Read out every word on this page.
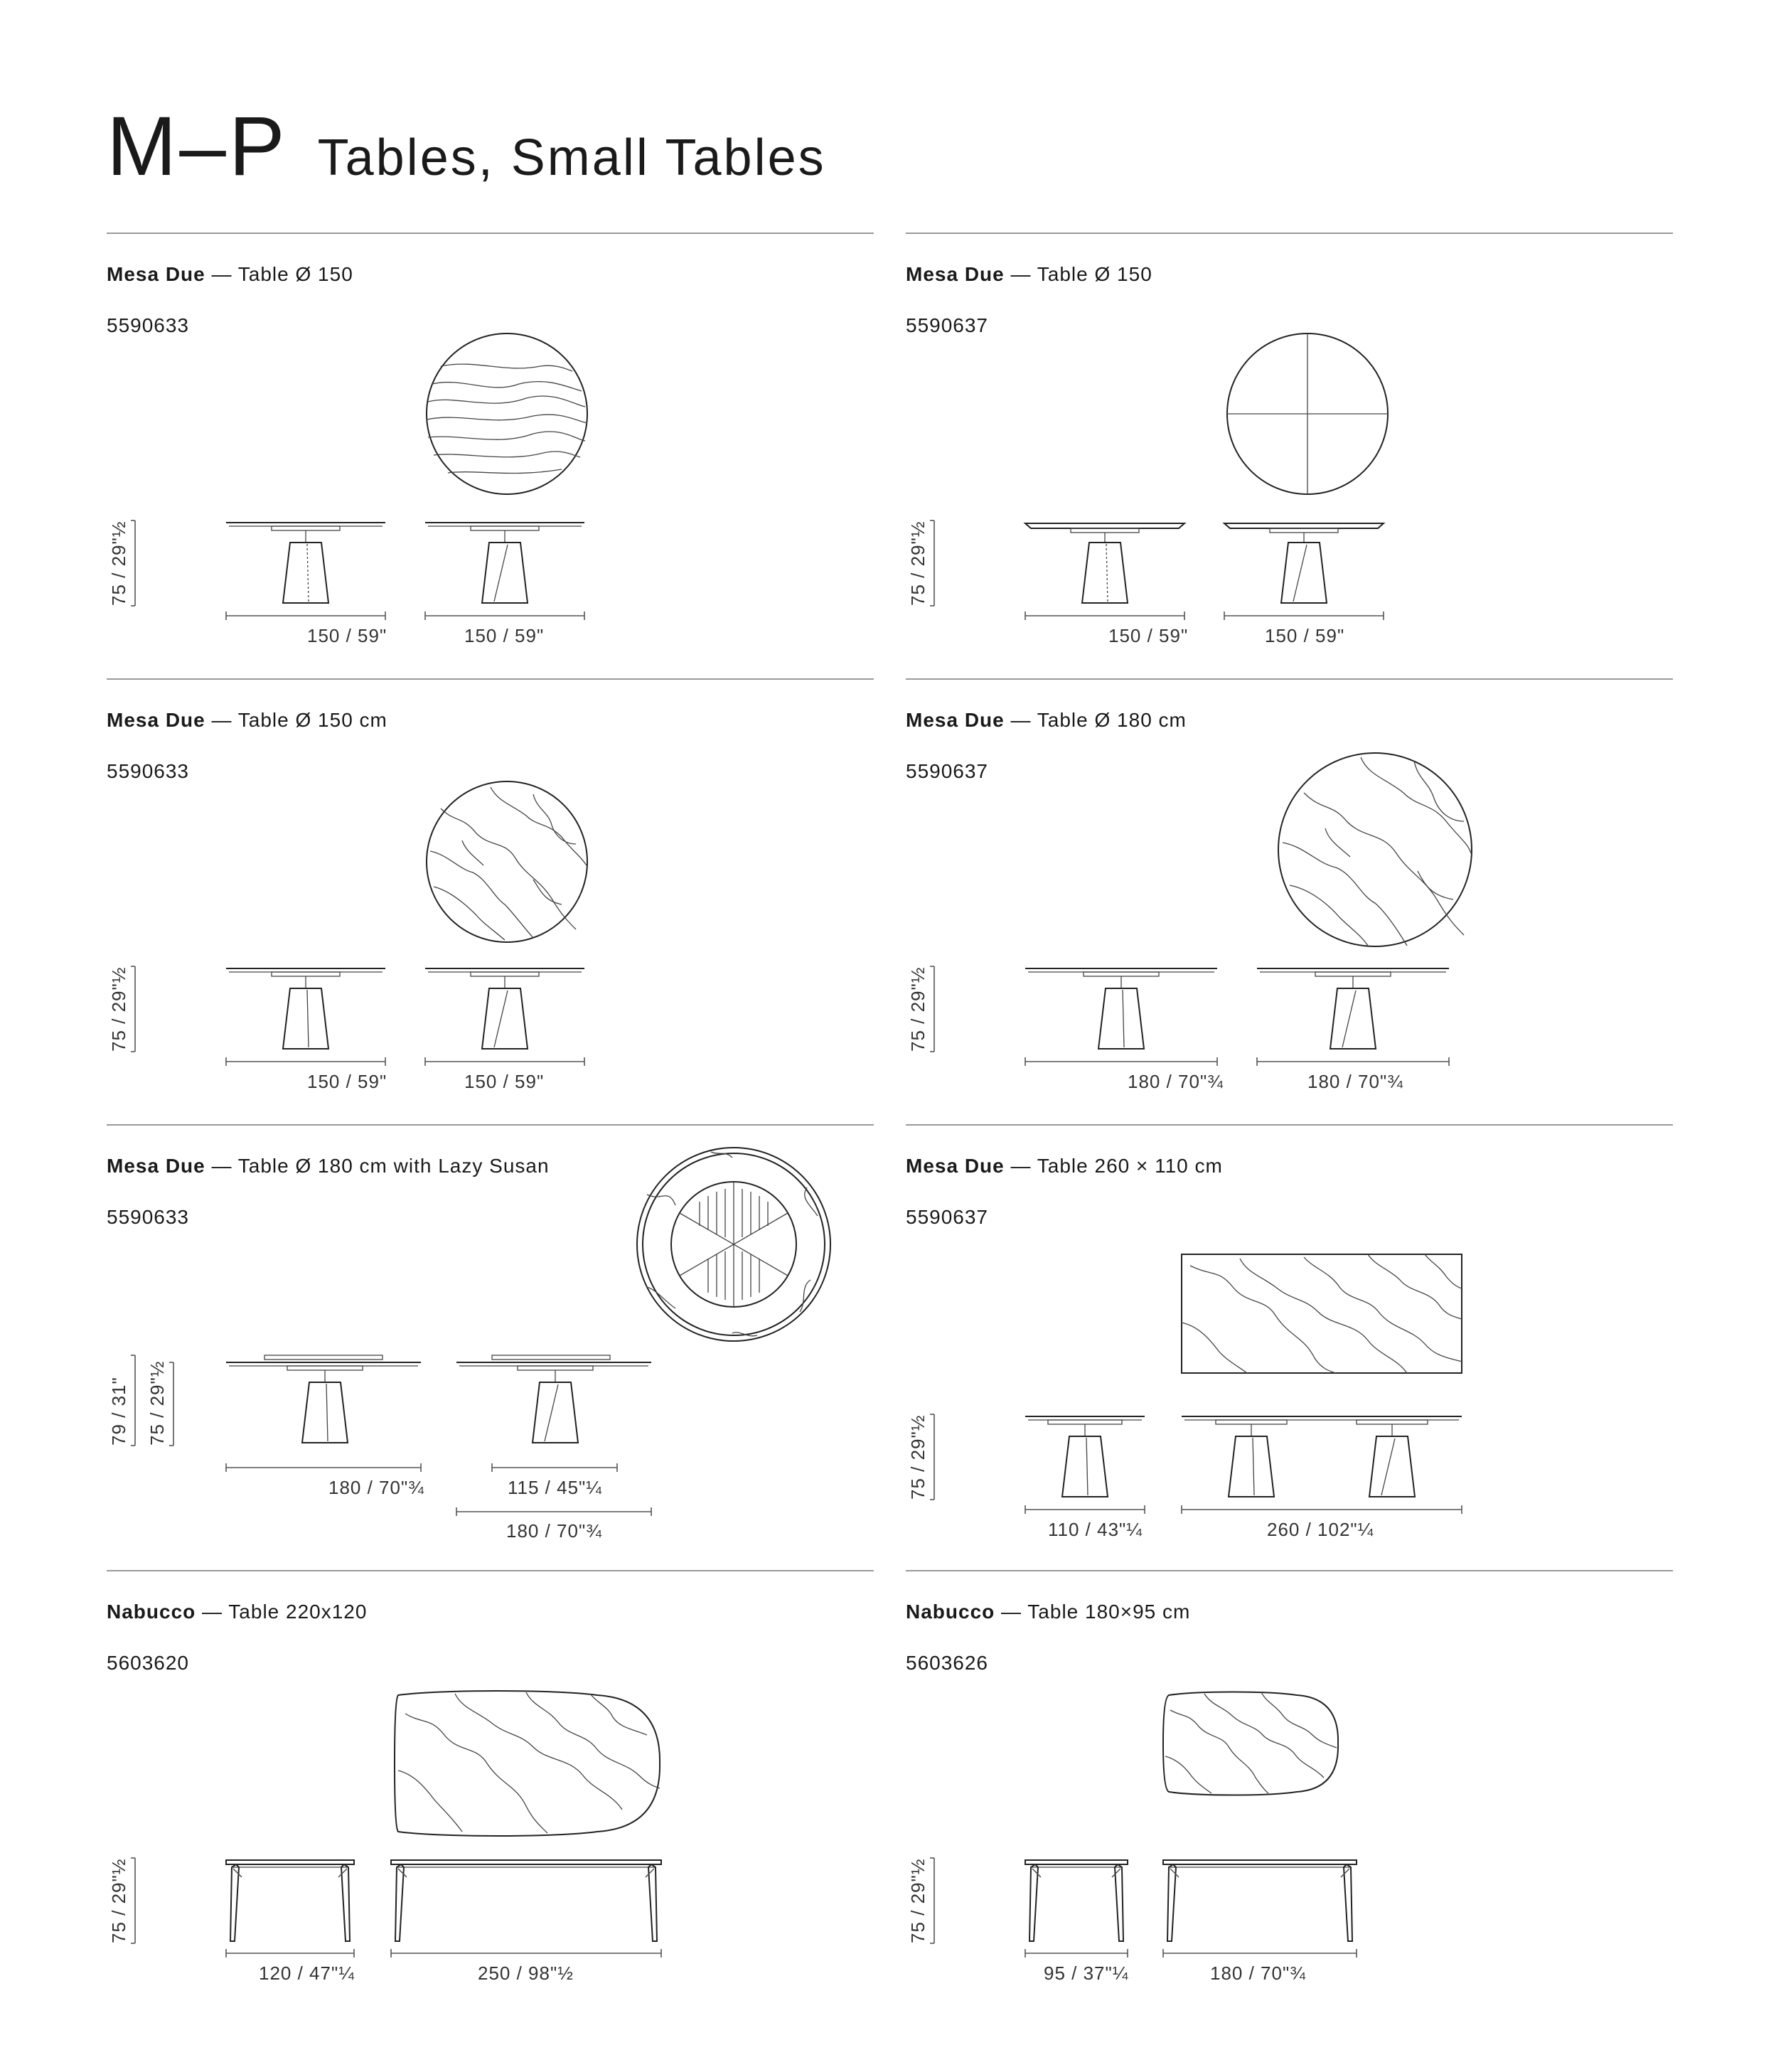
M–P Tables, Small Tables
Mesa Due — Table Ø 150
5590633
75 / 29"½
150 / 59"	150 / 59"
Mesa Due — Table Ø 150
5590637
75 / 29"½
150 / 59"	150 / 59"
Mesa Due — Table Ø 150 cm
5590633
75 / 29"½
150 / 59"	150 / 59"
Mesa Due — Table Ø 180 cm
5590637
75 / 29"½
180 / 70"¾	180 / 70"¾
Mesa Due — Table Ø 180 cm with Lazy Susan
5590633
79 / 31" 75 / 29"½
180 / 70"¾	115 / 45"¼
180 / 70"¾
Mesa Due — Table 260 × 110 cm
5590637
75 / 29"½
110 / 43"¼	260 / 102"¼
Nabucco — Table 220x120
5603620
75 / 29"½
120 / 47"¼	250 / 98"½
Nabucco — Table 180×95 cm
5603626
75 / 29"½
95 / 37"¼	180 / 70"¾
